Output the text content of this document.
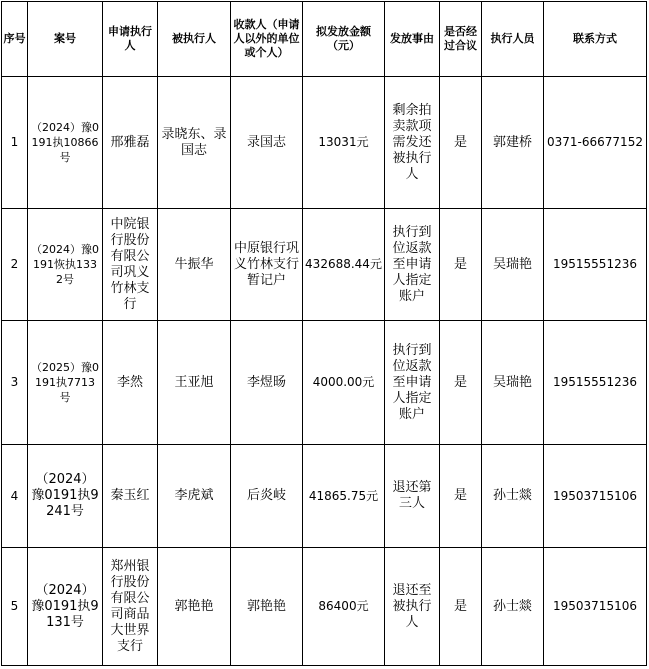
序号	案号	申请执行人	被执行人	收款人（申请人以外的单位或个人）	拟发放金额（元）	发放事由	是否经过合议	执行人员	联系方式
1	（2024）豫0191执10866号	邢雅磊	录晓东、录国志	录国志	13031元	剩余拍卖款项需发还被执行人	是	郭建桥	0371-66677152
2	（2024）豫0191恢执1332号	中院银行股份有限公司巩义竹林支行	牛振华	中原银行巩义竹林支行暂记户	432688.44元	执行到位返款至申请人指定账户	是	吴瑞艳	19515551236
3	（2025）豫0191执7713号	李然	王亚旭	李煜旸	4000.00元	执行到位返款至申请人指定账户	是	吴瑞艳	19515551236
4	（2024）豫0191执9241号	秦玉红	李虎斌	后炎岐	41865.75元	退还第三人	是	孙士燚	19503715106
5	（2024）豫0191执9131号	郑州银行股份有限公司商品大世界支行	郭艳艳	郭艳艳	86400元	退还至被执行人	是	孙士燚	19503715106
